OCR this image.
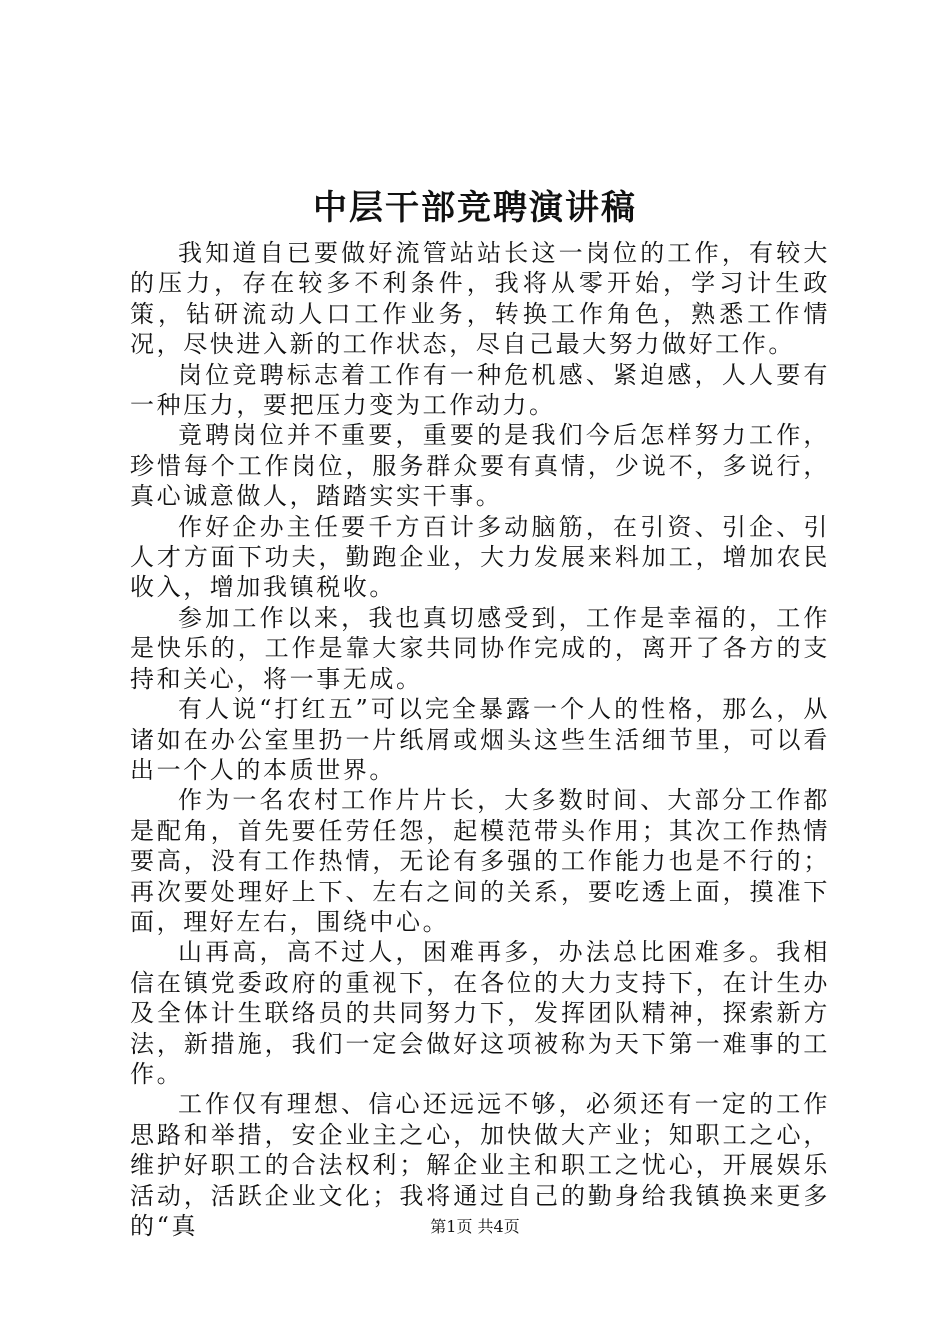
中层干部竞聘演讲稿

我知道自已要做好流管站站长这一岗位的工作，有较大的压力，存在较多不利条件，我将从零开始，学习计生政策，钻研流动人口工作业务，转换工作角色，熟悉工作情况，尽快进入新的工作状态，尽自己最大努力做好工作。

岗位竞聘标志着工作有一种危机感、紧迫感，人人要有一种压力，要把压力变为工作动力。

竟聘岗位并不重要，重要的是我们今后怎样努力工作，珍惜每个工作岗位，服务群众要有真情，少说不，多说行，真心诚意做人，踏踏实实干事。

作好企办主任要千方百计多动脑筋，在引资、引企、引人才方面下功夫，勤跑企业，大力发展来料加工，增加农民收入，增加我镇税收。

参加工作以来，我也真切感受到，工作是幸福的，工作是快乐的，工作是靠大家共同协作完成的，离开了各方的支持和关心，将一事无成。

有人说“打红五”可以完全暴露一个人的性格，那么，从诸如在办公室里扔一片纸屑或烟头这些生活细节里，可以看出一个人的本质世界。

作为一名农村工作片片长，大多数时间、大部分工作都是配角，首先要任劳任怨，起模范带头作用；其次工作热情要高，没有工作热情，无论有多强的工作能力也是不行的；再次要处理好上下、左右之间的关系，要吃透上面，摸准下面，理好左右，围绕中心。

山再高，高不过人，困难再多，办法总比困难多。我相信在镇党委政府的重视下，在各位的大力支持下，在计生办及全体计生联络员的共同努力下，发挥团队精神，探索新方法，新措施，我们一定会做好这项被称为天下第一难事的工作。

工作仅有理想、信心还远远不够，必须还有一定的工作思路和举措，安企业主之心，加快做大产业；知职工之心，维护好职工的合法权利；解企业主和职工之忧心，开展娱乐活动，活跃企业文化；我将通过自己的勤身给我镇换来更多的“真	第1页 共4页
